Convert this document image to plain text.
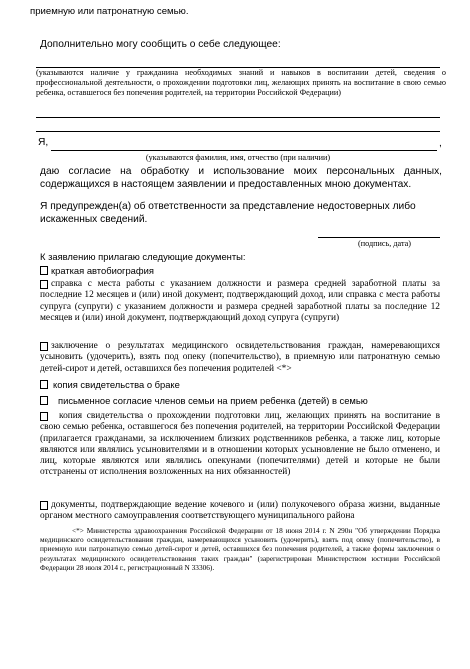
приемную или патронатную семью.
Дополнительно могу сообщить о себе следующее:
(указываются наличие у гражданина необходимых знаний и навыков в воспитании детей, сведения о профессиональной деятельности, о прохождении подготовки лиц, желающих принять на воспитание в свою семью ребенка, оставшегося без попечения родителей, на территории Российской Федерации)
Я,	,
(указываются фамилия, имя, отчество (при наличии)
даю согласие на обработку и использование моих персональных данных, содержащихся в настоящем заявлении и предоставленных мною документах.
Я предупрежден(а) об ответственности за представление недостоверных либо искаженных сведений.
(подпись, дата)
К заявлению прилагаю следующие документы:
краткая автобиография
справка с места работы с указанием должности и размера средней заработной платы за последние 12 месяцев и (или) иной документ, подтверждающий доход, или справка с места работы супруга (супруги) с указанием должности и размера средней заработной платы за последние 12 месяцев и (или) иной документ, подтверждающий доход супруга (супруги)
заключение о результатах медицинского освидетельствования граждан, намеревающихся усыновить (удочерить), взять под опеку (попечительство), в приемную или патронатную семью детей-сирот и детей, оставшихся без попечения родителей <*>
копия свидетельства о браке
письменное согласие членов семьи на прием ребенка (детей) в семью
копия свидетельства о прохождении подготовки лиц, желающих принять на воспитание в свою семью ребенка, оставшегося без попечения родителей, на территории Российской Федерации (прилагается гражданами, за исключением близких родственников ребенка, а также лиц, которые являются или являлись усыновителями и в отношении которых усыновление не было отменено, и лиц, которые являются или являлись опекунами (попечителями) детей и которые не были отстранены от исполнения возложенных на них обязанностей)
документы, подтверждающие ведение кочевого и (или) полукочевого образа жизни, выданные органом местного самоуправления соответствующего муниципального района
<*> Министерства здравоохранения Российской Федерации от 18 июня 2014 г. N 290н "Об утверждении Порядка медицинского освидетельствования граждан, намеревающихся усыновить (удочерить), взять под опеку (попечительство), в приемную или патронатную семью детей-сирот и детей, оставшихся без попечения родителей, а также формы заключения о результатах медицинского освидетельствования таких граждан" (зарегистрирован Министерством юстиции Российской Федерации 28 июля 2014 г., регистрационный N 33306).
